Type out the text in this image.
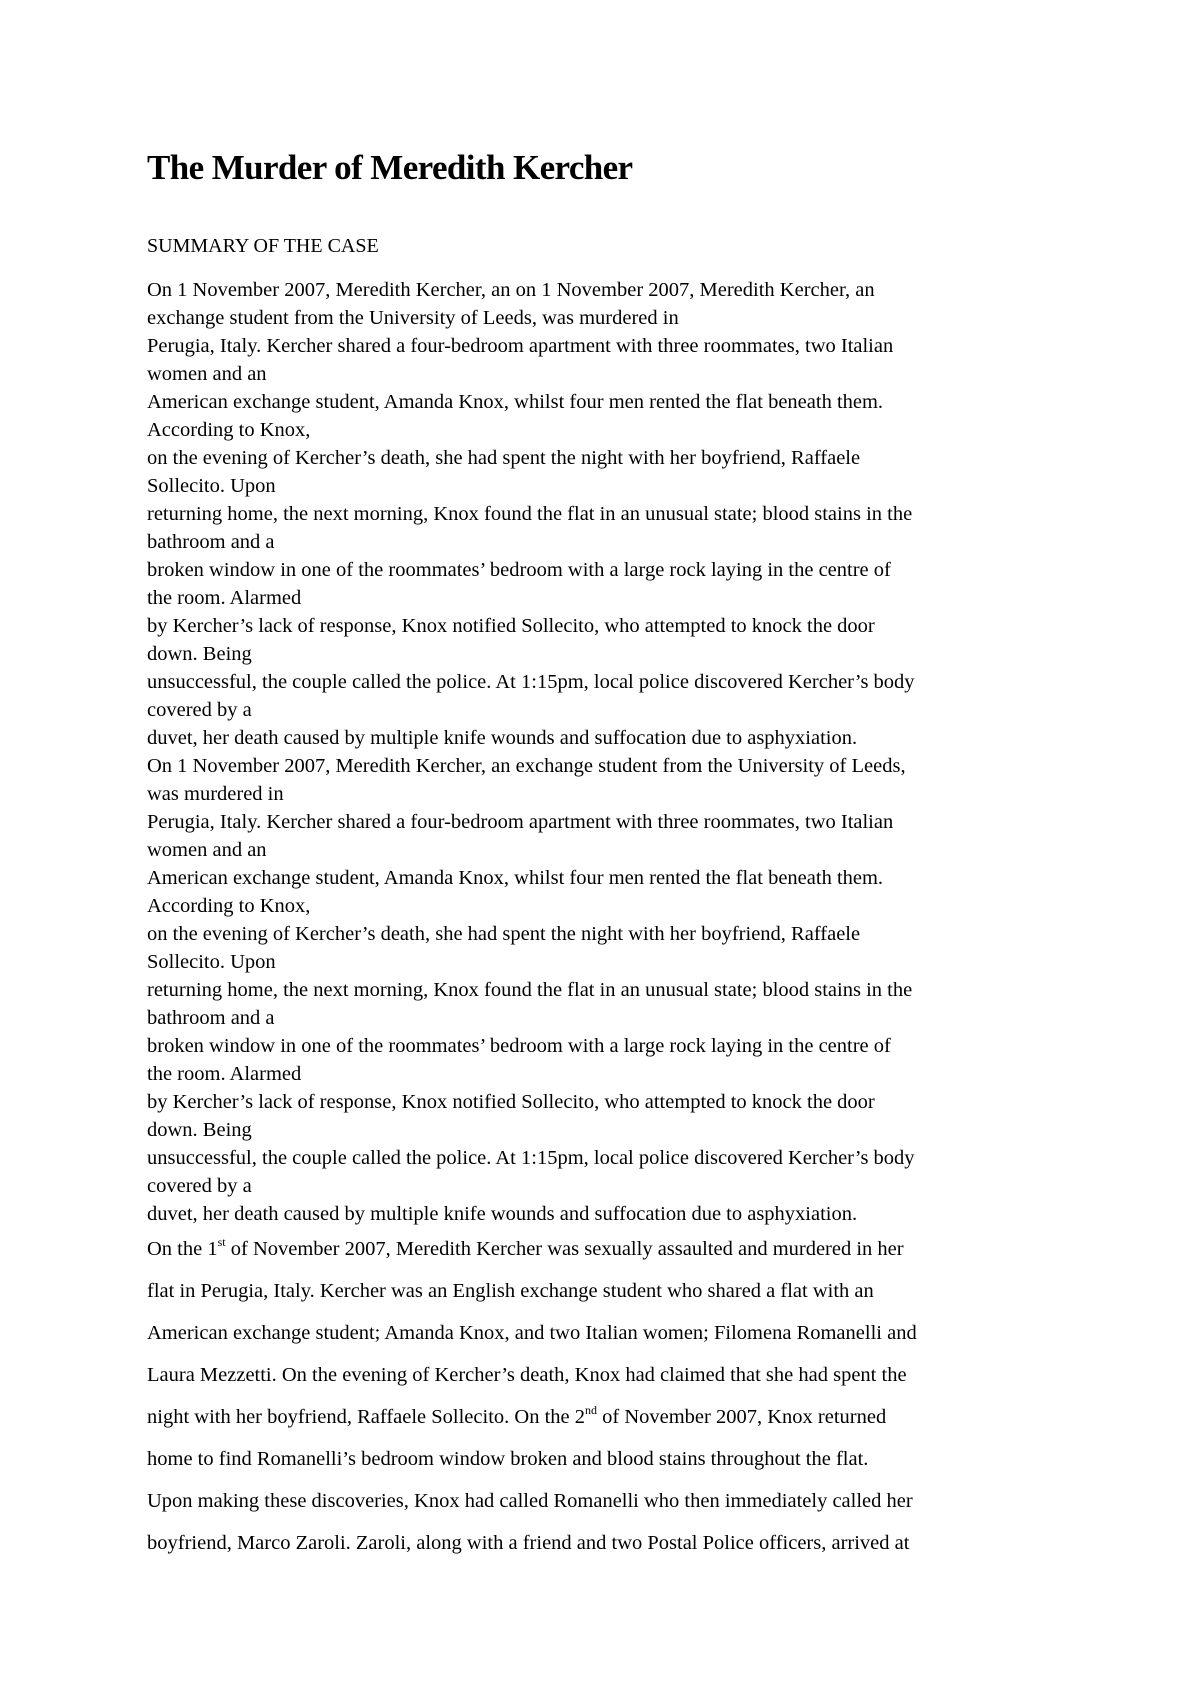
The Murder of Meredith Kercher
SUMMARY OF THE CASE
On 1 November 2007, Meredith Kercher, an on 1 November 2007, Meredith Kercher, an
exchange student from the University of Leeds, was murdered in
Perugia, Italy. Kercher shared a four-bedroom apartment with three roommates, two Italian
women and an
American exchange student, Amanda Knox, whilst four men rented the flat beneath them.
According to Knox,
on the evening of Kercher’s death, she had spent the night with her boyfriend, Raffaele
Sollecito. Upon
returning home, the next morning, Knox found the flat in an unusual state; blood stains in the
bathroom and a
broken window in one of the roommates’ bedroom with a large rock laying in the centre of
the room. Alarmed
by Kercher’s lack of response, Knox notified Sollecito, who attempted to knock the door
down. Being
unsuccessful, the couple called the police. At 1:15pm, local police discovered Kercher’s body
covered by a
duvet, her death caused by multiple knife wounds and suffocation due to asphyxiation.
On 1 November 2007, Meredith Kercher, an exchange student from the University of Leeds,
was murdered in
Perugia, Italy. Kercher shared a four-bedroom apartment with three roommates, two Italian
women and an
American exchange student, Amanda Knox, whilst four men rented the flat beneath them.
According to Knox,
on the evening of Kercher’s death, she had spent the night with her boyfriend, Raffaele
Sollecito. Upon
returning home, the next morning, Knox found the flat in an unusual state; blood stains in the
bathroom and a
broken window in one of the roommates’ bedroom with a large rock laying in the centre of
the room. Alarmed
by Kercher’s lack of response, Knox notified Sollecito, who attempted to knock the door
down. Being
unsuccessful, the couple called the police. At 1:15pm, local police discovered Kercher’s body
covered by a
duvet, her death caused by multiple knife wounds and suffocation due to asphyxiation.
On the 1st of November 2007, Meredith Kercher was sexually assaulted and murdered in her
flat in Perugia, Italy. Kercher was an English exchange student who shared a flat with an
American exchange student; Amanda Knox, and two Italian women; Filomena Romanelli and
Laura Mezzetti. On the evening of Kercher’s death, Knox had claimed that she had spent the
night with her boyfriend, Raffaele Sollecito. On the 2nd of November 2007, Knox returned
home to find Romanelli’s bedroom window broken and blood stains throughout the flat.
Upon making these discoveries, Knox had called Romanelli who then immediately called her
boyfriend, Marco Zaroli. Zaroli, along with a friend and two Postal Police officers, arrived at
